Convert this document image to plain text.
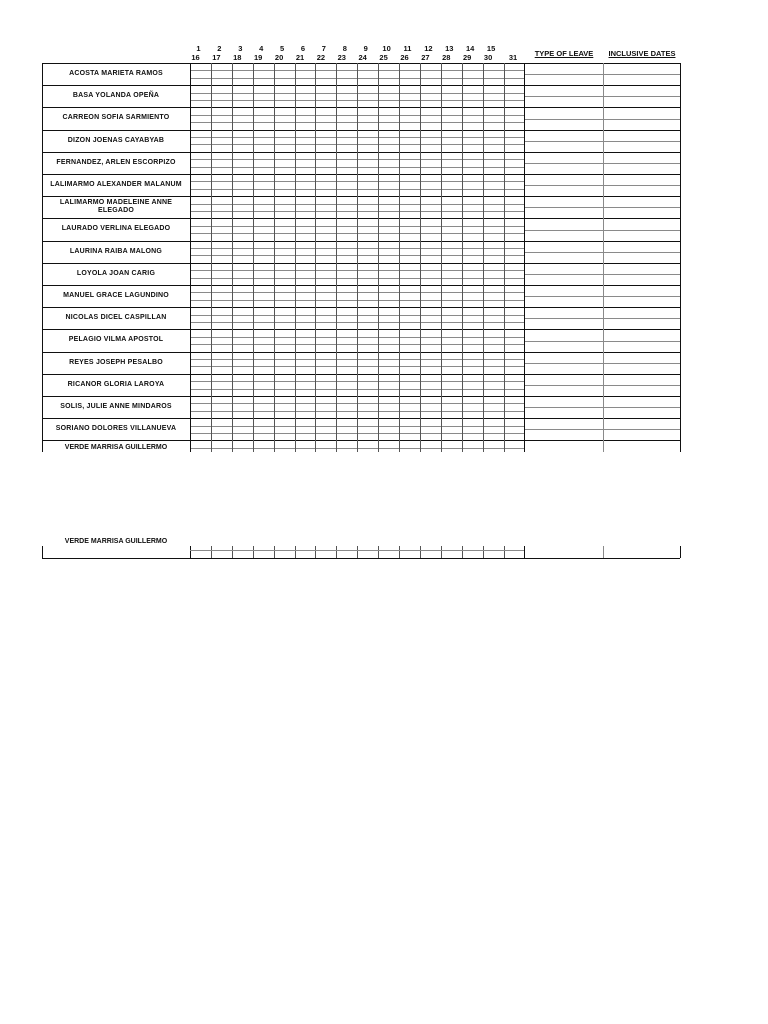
1	2	3	4	5	6	7	8	9	10	11	12	13	14	15
16	17	18	19	20	21	22	23	24	25	26	27	28	29	30	31	TYPE OF LEAVE	INCLUSIVE DATES
ACOSTA MARIETA RAMOS
BASA YOLANDA OPEÑA
CARREON SOFIA SARMIENTO
DIZON JOENAS CAYABYAB
FERNANDEZ, ARLEN ESCORPIZO
LALIMARMO ALEXANDER MALANUM
LALIMARMO MADELEINE ANNE ELEGADO
LAURADO VERLINA ELEGADO
LAURINA RAIBA MALONG
LOYOLA JOAN CARIG
MANUEL GRACE LAGUNDINO
NICOLAS DICEL CASPILLAN
PELAGIO VILMA APOSTOL
REYES JOSEPH PESALBO
RICANOR GLORIA LAROYA
SOLIS, JULIE ANNE MINDAROS
SORIANO DOLORES VILLANUEVA
VERDE MARRISA GUILLERMO
VERDE MARRISA GUILLERMO
